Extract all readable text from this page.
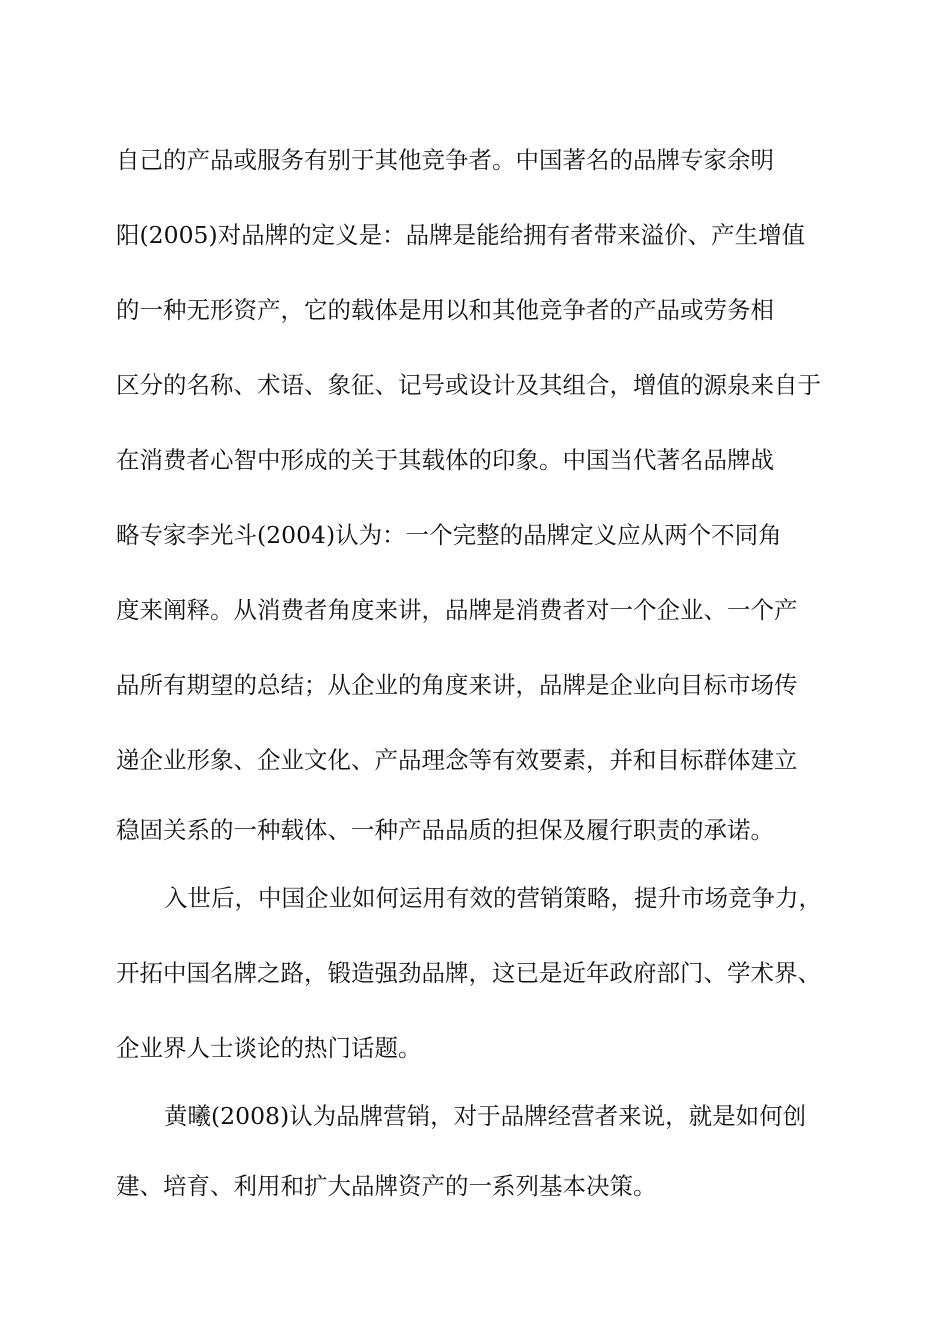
自己的产品或服务有别于其他竞争者。中国著名的品牌专家余明
阳(2005)对品牌的定义是：品牌是能给拥有者带来溢价、产生增值
的一种无形资产，它的载体是用以和其他竞争者的产品或劳务相
区分的名称、术语、象征、记号或设计及其组合，增值的源泉来自于
在消费者心智中形成的关于其载体的印象。中国当代著名品牌战
略专家李光斗(2004)认为：一个完整的品牌定义应从两个不同角
度来阐释。从消费者角度来讲，品牌是消费者对一个企业、一个产
品所有期望的总结；从企业的角度来讲，品牌是企业向目标市场传
递企业形象、企业文化、产品理念等有效要素，并和目标群体建立
稳固关系的一种载体、一种产品品质的担保及履行职责的承诺。
入世后，中国企业如何运用有效的营销策略，提升市场竞争力，
开拓中国名牌之路，锻造强劲品牌，这已是近年政府部门、学术界、
企业界人士谈论的热门话题。
黄曦(2008)认为品牌营销，对于品牌经营者来说，就是如何创
建、培育、利用和扩大品牌资产的一系列基本决策。
